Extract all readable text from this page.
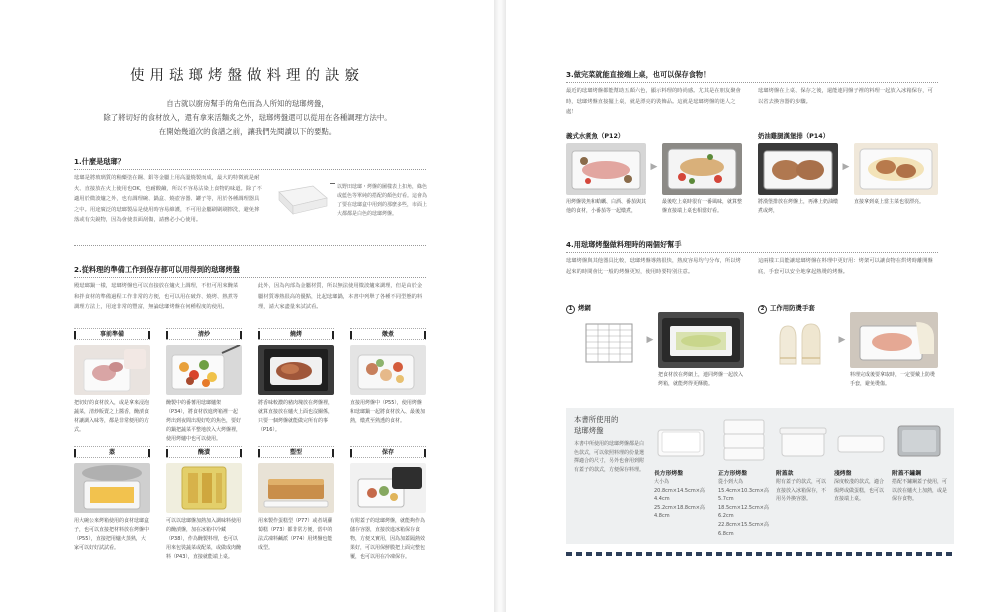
使用琺瑯烤盤做料理的訣竅
自古就以廚房幫手的角色而為人所知的琺瑯烤盤，
除了將切好的食材放入，還有拿來活麵炙之外，琺瑯烤盤還可以從用在各種調理方法中。
在開始幾道次的食譜之前，讓我們先閱讀以下的要點。
1.什麼是琺瑯？
琺瑯是將玻璃質的釉藥塗在鋼、鋁等金屬上用高溫燒製而成，最大的特徵就是耐火、直接放在火上使用也OK，也耐酸鹼，所以不容易沾染上食物的味道。除了不適用於微波爐之外，也有調理碗、鍋盒、燒壺容器、罐子等，用於各種調理器具之中。用途廣泛的琺瑯製品是使用時容易維護，不可用金屬刷刷刷擦洗，避免摔落或有尖銳物，因為會使表面刮傷，請務必小心使用。
以野田琺瑯・烤盤的圖樣表上扣角，綠色或藍色等單純的搭配的顏色好看。這會為了要在琺瑯盒中用到的那麼多些，市面上大都都是白色的琺瑯烤盤。
2.從料理的準備工作到保存都可以用得到的琺瑯烤盤
殿琺瑯鍋一樣，琺瑯烤盤也可以直接放在爐火上調理，不但可用來醃菜和拌食材的準備過程工作非常的方便，也可以用在破炸、燒烤、熱煮等調理方法上，用途非常的豐富，無論琺瑯烤盤在何種程度的使用。
此外，因為內部為金屬材質，所以無法使用微波爐來調理，但是由於金屬材質導熱很高的優點，比起琺瑯鍋，本書中列舉了各種不同型態的料理，請大家盡量來試試看。
事前準備	清炒	燒烤	燉煮
把切好的食材放入，或是拿來浸泡蔬菜，清炒販賣之上醬香，醃漬食材讓調入味等，都是非常便用的方式。
醃製中的番薯用琺瑯爐架（P34），將食材放進烤箱裡一起烤出到夜間出現好吃的焦色，要好的鍋把蔬菜平整地放入大烤盤裡，使用烤爐中也可以使用。
將香味較濃的豬肉塊放在烤盤裡，就算直接放在爐火上面也沒關係，只要一個烤盤就能做完所有的事（P16）。
直接用烤盤中（P55），使用烤盤和琺瑯鍋一起將食材放入、最後加熱，燉煮至熟透的食材。
蒸	醃漬	塑型	保存
用大碗公來烤箱使用的食材琺瑯盒子，也可以直接把材料放在烤盤中（P55），直接把用爐火蒸熟，大家可以好好試試看。
可以以琺瑯盤加熱加入調味料使用的醃漬盤，加在冰箱中冷藏（P38），作為醃製料理，也可以用來包裝蔬菜或配菜，或做成肉醃料（P43），直接就能端上桌。
用來製作蛋糕型（P77）或者胡蘿蔔糕（P73）都非常方便，當中的法式凍料鹹派（P74）用烤盤也能成型。
有附蓋子的琺瑯烤盤，就能夠作為儲存容器，直接放進冰箱保存食物，方便又實用，因為加蓋隔熱效果好，可以用保鮮膜把上面完整包覆，也可以用在冷凍保存。
3.做完菜就能直接端上桌，也可以保存食物！
最近的琺瑯烤盤都能幫助五顏六色，顯示料理的時尚感。尤其是在朋友聚會時，琺瑯烤盤直接擺上桌，就是漂亮的裝飾品。這就是琺瑯烤盤的迷人之處！
琺瑯烤盤在上桌、保存之後，還能連同盤子裡的料理一起放入冰箱保存，可以省去換容器的步驟。
義式水煮魚（P12）	奶油雞腿漢堡排（P14）
▶	▶
用烤盤裝魚和蛤蠣、白酒、番茄與其他的食材，小番茄等一起燉煮，
最後吃上桌時很有一番風味，就算整盤直接端上桌也相當好看。
將漢堡排放在烤盤上，再淋上奶油燉煮或烤，
直接拿到桌上當主菜也很漂亮。
4.用琺瑯烤盤做料理時的兩個好幫手
琺瑯烤盤與其他器具比較，琺瑯烤盤導熱很快，熱度容易均勻分布，所以烤起來的時間會比一般的烤盤更短，使用時要特別注意。
這兩樣工具能讓琺瑯烤盤在料理中更好用：烤架可以讓食物在烘烤時離開盤底，手套可以安全地拿起熱燙的烤盤。
1 烤網	2 工作用防燙手套
▶	▶
把食材放在烤網上，連同烤盤一起放入烤箱，就能烤得更酥脆。
料理完成後要拿取時，一定要戴上防燙手套，避免燙傷。
本書所使用的
琺瑯烤盤
本書中所使用的琺瑯烤盤都是白色款式，可以依照料理的份量選擇適合的尺寸，另外也會用到附有蓋子的款式，方便保存料理。
長方形烤盤	正方形烤盤	附蓋款	淺烤盤	附蓋不鏽鋼
大小為
20.8cm×14.5cm×高4.4cm
25.2cm×18.8cm×高4.8cm
從小到大為
15.4cm×10.3cm×高5.7cm
18.5cm×12.5cm×高6.2cm
22.8cm×15.5cm×高6.8cm
附有蓋子的款式，可以直接放入冰箱保存，不用另外換容器。
深度較淺的款式，適合焗烤或做蛋糕，也可以直接端上桌。
搭配不鏽鋼蓋子使用，可以放在爐火上加熱，或是保存食物。
